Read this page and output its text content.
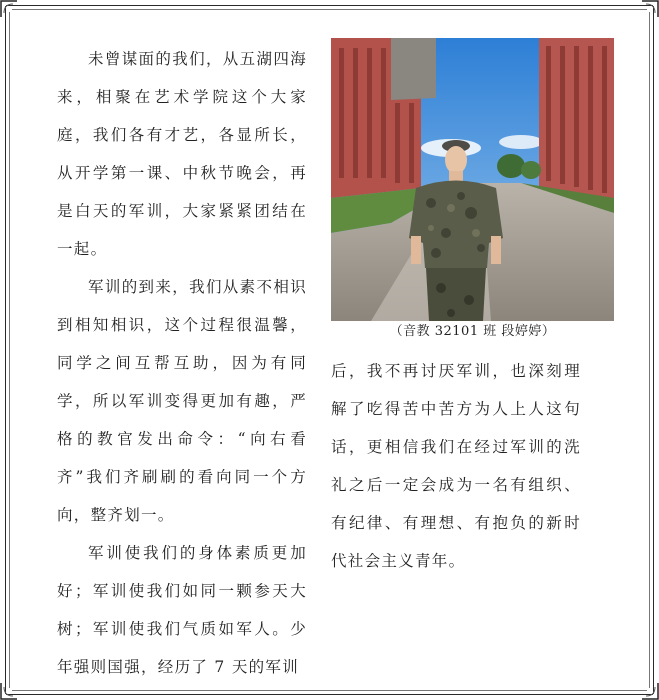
未曾谋面的我们，从五湖四海来，相聚在艺术学院这个大家庭，我们各有才艺，各显所长，从开学第一课、中秋节晚会，再是白天的军训，大家紧紧团结在一起。

军训的到来，我们从素不相识到相知相识，这个过程很温馨，同学之间互帮互助，因为有同学，所以军训变得更加有趣，严格的教官发出命令：“向右看齐”我们齐刷刷的看向同一个方向，整齐划一。

军训使我们的身体素质更加好；军训使我们如同一颗参天大树；军训使我们气质如军人。少年强则国强，经历了 7 天的军训

（音教 32101 班 段婷婷）

后，我不再讨厌军训，也深刻理解了吃得苦中苦方为人上人这句话，更相信我们在经过军训的洗礼之后一定会成为一名有组织、有纪律、有理想、有抱负的新时代社会主义青年。
